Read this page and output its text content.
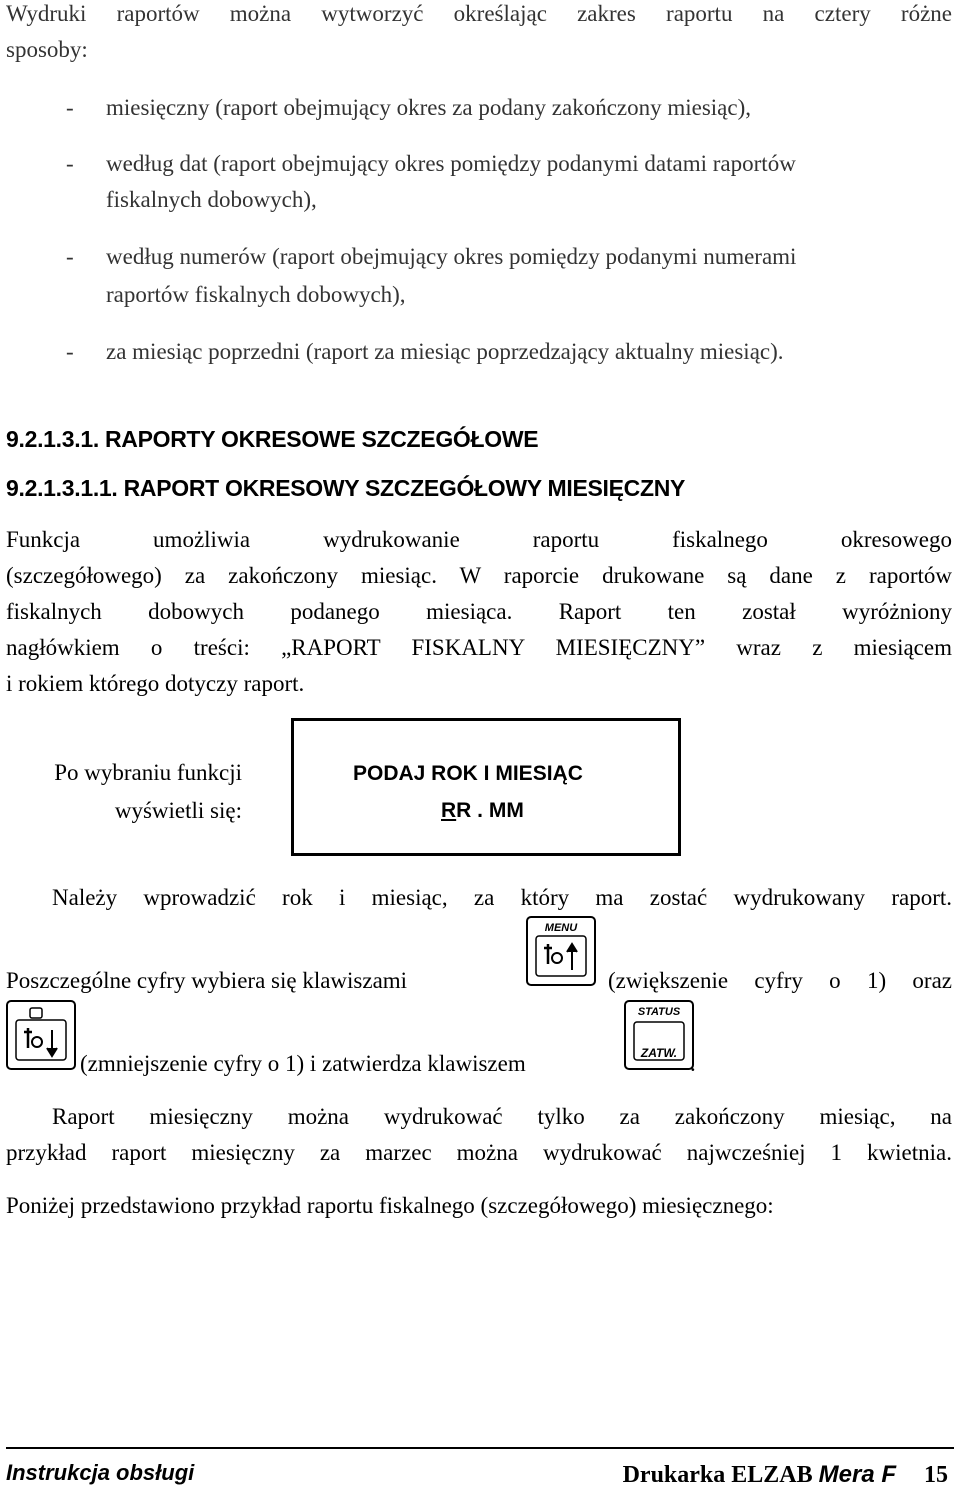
Wydruki raportów można wytworzyć określając zakres raportu na cztery różne
sposoby:
-	miesięczny (raport obejmujący okres za podany zakończony miesiąc),
-	według dat (raport obejmujący okres pomiędzy podanymi datami raportów
fiskalnych dobowych),
-	według numerów (raport obejmujący okres pomiędzy podanymi numerami
raportów fiskalnych dobowych),
-	za miesiąc poprzedni (raport za miesiąc poprzedzający aktualny miesiąc).
9.2.1.3.1. RAPORTY OKRESOWE SZCZEGÓŁOWE
9.2.1.3.1.1. RAPORT OKRESOWY SZCZEGÓŁOWY MIESIĘCZNY
Funkcja umożliwia wydrukowanie raportu fiskalnego okresowego
(szczegółowego) za zakończony miesiąc. W raporcie drukowane są dane z raportów
fiskalnych dobowych podanego miesiąca. Raport ten został wyróżniony
nagłówkiem o treści: „RAPORT FISKALNY MIESIĘCZNY” wraz z miesiącem
i rokiem którego dotyczy raport.
Po wybraniu funkcji
wyświetli się:
PODAJ ROK I MIESIĄC
RR . MM
Należy wprowadzić rok i miesiąc, za który ma zostać wydrukowany raport.
Poszczególne cyfry wybiera się klawiszami
MENU
(zwiększenie cyfry o 1) oraz
(zmniejszenie cyfry o 1) i zatwierdza klawiszem
STATUS
ZATW. .
Raport miesięczny można wydrukować tylko za zakończony miesiąc, na
przykład raport miesięczny za marzec można wydrukować najwcześniej 1 kwietnia.
Poniżej przedstawiono przykład raportu fiskalnego (szczegółowego) miesięcznego:
Instrukcja obsługi	Drukarka ELZAB Mera F 15
